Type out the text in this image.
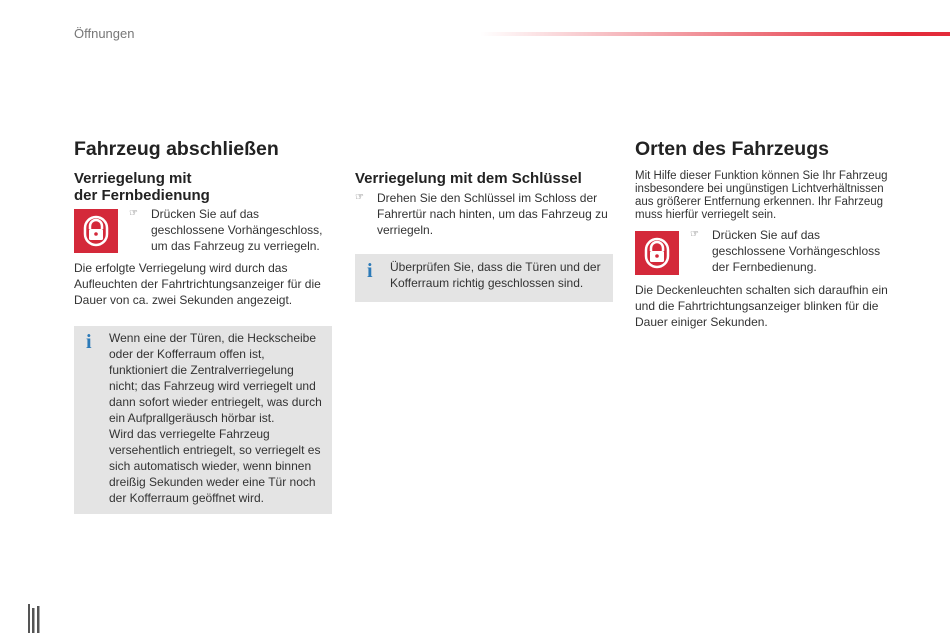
Öffnungen
Fahrzeug abschließen
Verriegelung mit
der Fernbedienung
☞	Drücken Sie auf das
geschlossene Vorhängeschloss,
um das Fahrzeug zu verriegeln.
Die erfolgte Verriegelung wird durch das
Aufleuchten der Fahrtrichtungsanzeiger für die
Dauer von ca. zwei Sekunden angezeigt.
i Wenn eine der Türen, die Heckscheibe
oder der Kofferraum offen ist,
funktioniert die Zentralverriegelung
nicht; das Fahrzeug wird verriegelt und
dann sofort wieder entriegelt, was durch
ein Aufprallgeräusch hörbar ist.
Wird das verriegelte Fahrzeug
versehentlich entriegelt, so verriegelt es
sich automatisch wieder, wenn binnen
dreißig Sekunden weder eine Tür noch
der Kofferraum geöffnet wird.
Verriegelung mit dem Schlüssel
☞	Drehen Sie den Schlüssel im Schloss der
Fahrertür nach hinten, um das Fahrzeug zu
verriegeln.
i Überprüfen Sie, dass die Türen und der
Kofferraum richtig geschlossen sind.
Orten des Fahrzeugs
Mit Hilfe dieser Funktion können Sie Ihr Fahrzeug
insbesondere bei ungünstigen Lichtverhältnissen
aus größerer Entfernung erkennen. Ihr Fahrzeug
muss hierfür verriegelt sein.
☞	Drücken Sie auf das
geschlossene Vorhängeschloss
der Fernbedienung.
Die Deckenleuchten schalten sich daraufhin ein
und die Fahrtrichtungsanzeiger blinken für die
Dauer einiger Sekunden.
